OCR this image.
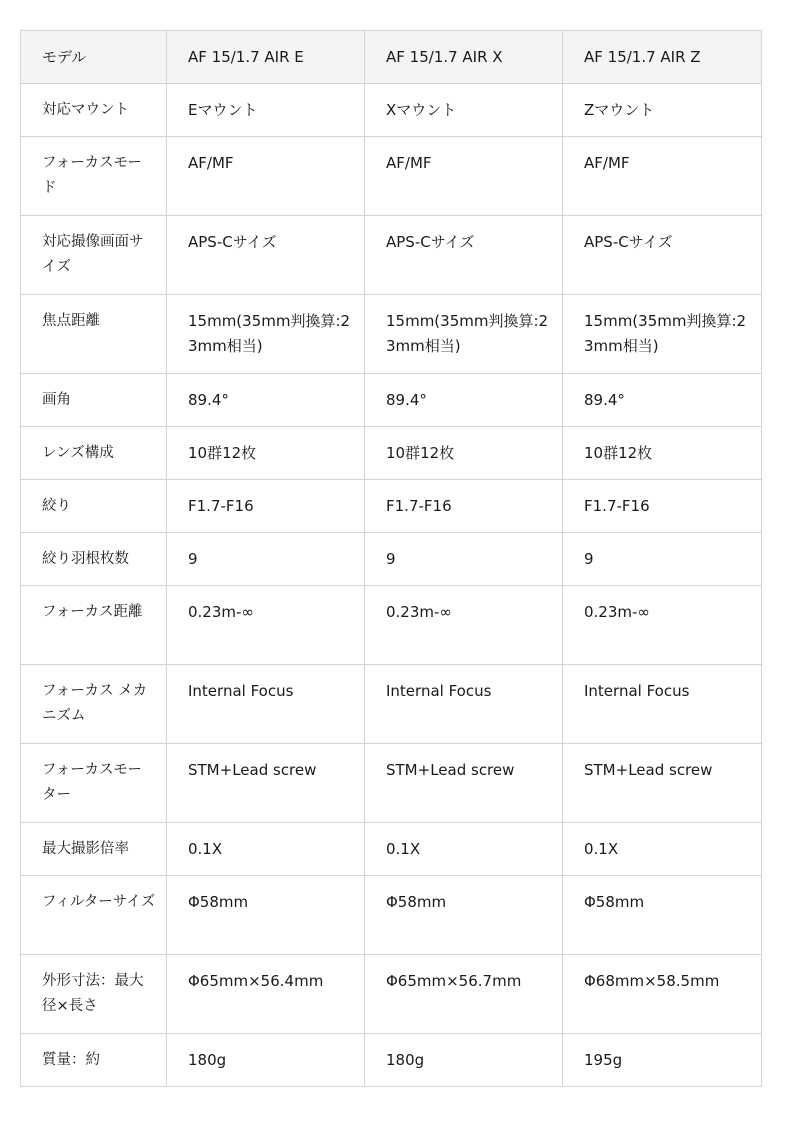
モデル	AF 15/1.7 AIR E	AF 15/1.7 AIR X	AF 15/1.7 AIR Z
対応マウント	Eマウント	Xマウント	Zマウント
フォーカスモード	AF/MF	AF/MF	AF/MF
対応撮像画面サイズ	APS-Cサイズ	APS-Cサイズ	APS-Cサイズ
焦点距離	15mm(35mm判換算:23mm相当)	15mm(35mm判換算:23mm相当)	15mm(35mm判換算:23mm相当)
画角	89.4°	89.4°	89.4°
レンズ構成	10群12枚	10群12枚	10群12枚
絞り	F1.7-F16	F1.7-F16	F1.7-F16
絞り羽根枚数	9	9	9
フォーカス距離	0.23m-∞	0.23m-∞	0.23m-∞
フォーカス メカニズム	Internal Focus	Internal Focus	Internal Focus
フォーカスモーター	STM+Lead screw	STM+Lead screw	STM+Lead screw
最大撮影倍率	0.1X	0.1X	0.1X
フィルターサイズ	Φ58mm	Φ58mm	Φ58mm
外形寸法：最大径×長さ	Φ65mm×56.4mm	Φ65mm×56.7mm	Φ68mm×58.5mm
質量：約	180g	180g	195g
